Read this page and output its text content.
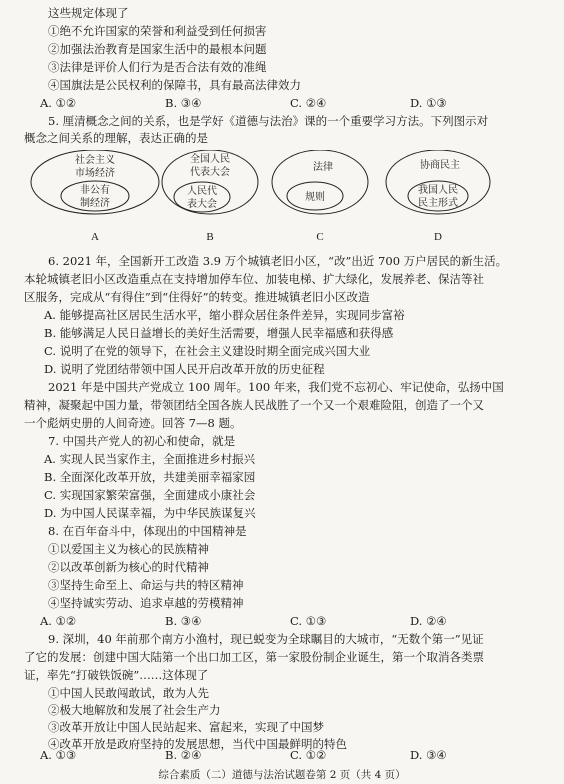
这些规定体现了
①绝不允许国家的荣誉和利益受到任何损害
②加强法治教育是国家生活中的最根本问题
③法律是评价人们行为是否合法有效的准绳
④国旗法是公民权利的保障书，具有最高法律效力
A. ①②	B. ③④	C. ②④	D. ①③
5. 厘清概念之间的关系，也是学好《道德与法治》课的一个重要学习方法。下列图示对
概念之间关系的理解，表达正确的是
社会主义
市场经济
非公有
制经济
A
全国人民
代表大会
人民代
表大会
B
法律
规则
C
协商民主
我国人民
民主形式
D
6. 2021 年，全国新开工改造 3.9 万个城镇老旧小区，“改”出近 700 万户居民的新生活。
本轮城镇老旧小区改造重点在支持增加停车位、加装电梯、扩大绿化，发展养老、保洁等社
区服务，完成从“有得住”到“住得好”的转变。推进城镇老旧小区改造
A. 能够提高社区居民生活水平，缩小群众居住条件差异，实现同步富裕
B. 能够满足人民日益增长的美好生活需要，增强人民幸福感和获得感
C. 说明了在党的领导下，在社会主义建设时期全面完成兴国大业
D. 说明了党团结带领中国人民开启改革开放的历史征程
2021 年是中国共产党成立 100 周年。100 年来，我们党不忘初心、牢记使命，弘扬中国
精神，凝聚起中国力量，带领团结全国各族人民战胜了一个又一个艰难险阻，创造了一个又
一个彪炳史册的人间奇迹。回答 7—8 题。
7. 中国共产党人的初心和使命，就是
A. 实现人民当家作主，全面推进乡村振兴
B. 全面深化改革开放，共建美丽幸福家园
C. 实现国家繁荣富强，全面建成小康社会
D. 为中国人民谋幸福，为中华民族谋复兴
8. 在百年奋斗中，体现出的中国精神是
①以爱国主义为核心的民族精神
②以改革创新为核心的时代精神
③坚持生命至上、命运与共的特区精神
④坚持诚实劳动、追求卓越的劳模精神
A. ①②	B. ③④	C. ①③	D. ②④
9. 深圳，40 年前那个南方小渔村，现已蜕变为全球瞩目的大城市，“无数个第一”见证
了它的发展：创建中国大陆第一个出口加工区，第一家股份制企业诞生，第一个取消各类票
证，率先“打破铁饭碗”……这体现了
①中国人民敢闯敢试，敢为人先
②极大地解放和发展了社会生产力
③改革开放让中国人民站起来、富起来，实现了中国梦
④改革开放是政府坚持的发展思想，当代中国最鲜明的特色
A. ①③	B. ②④	C. ①②	D. ③④
综合素质（二）道德与法治试题卷第 2 页（共 4 页）
